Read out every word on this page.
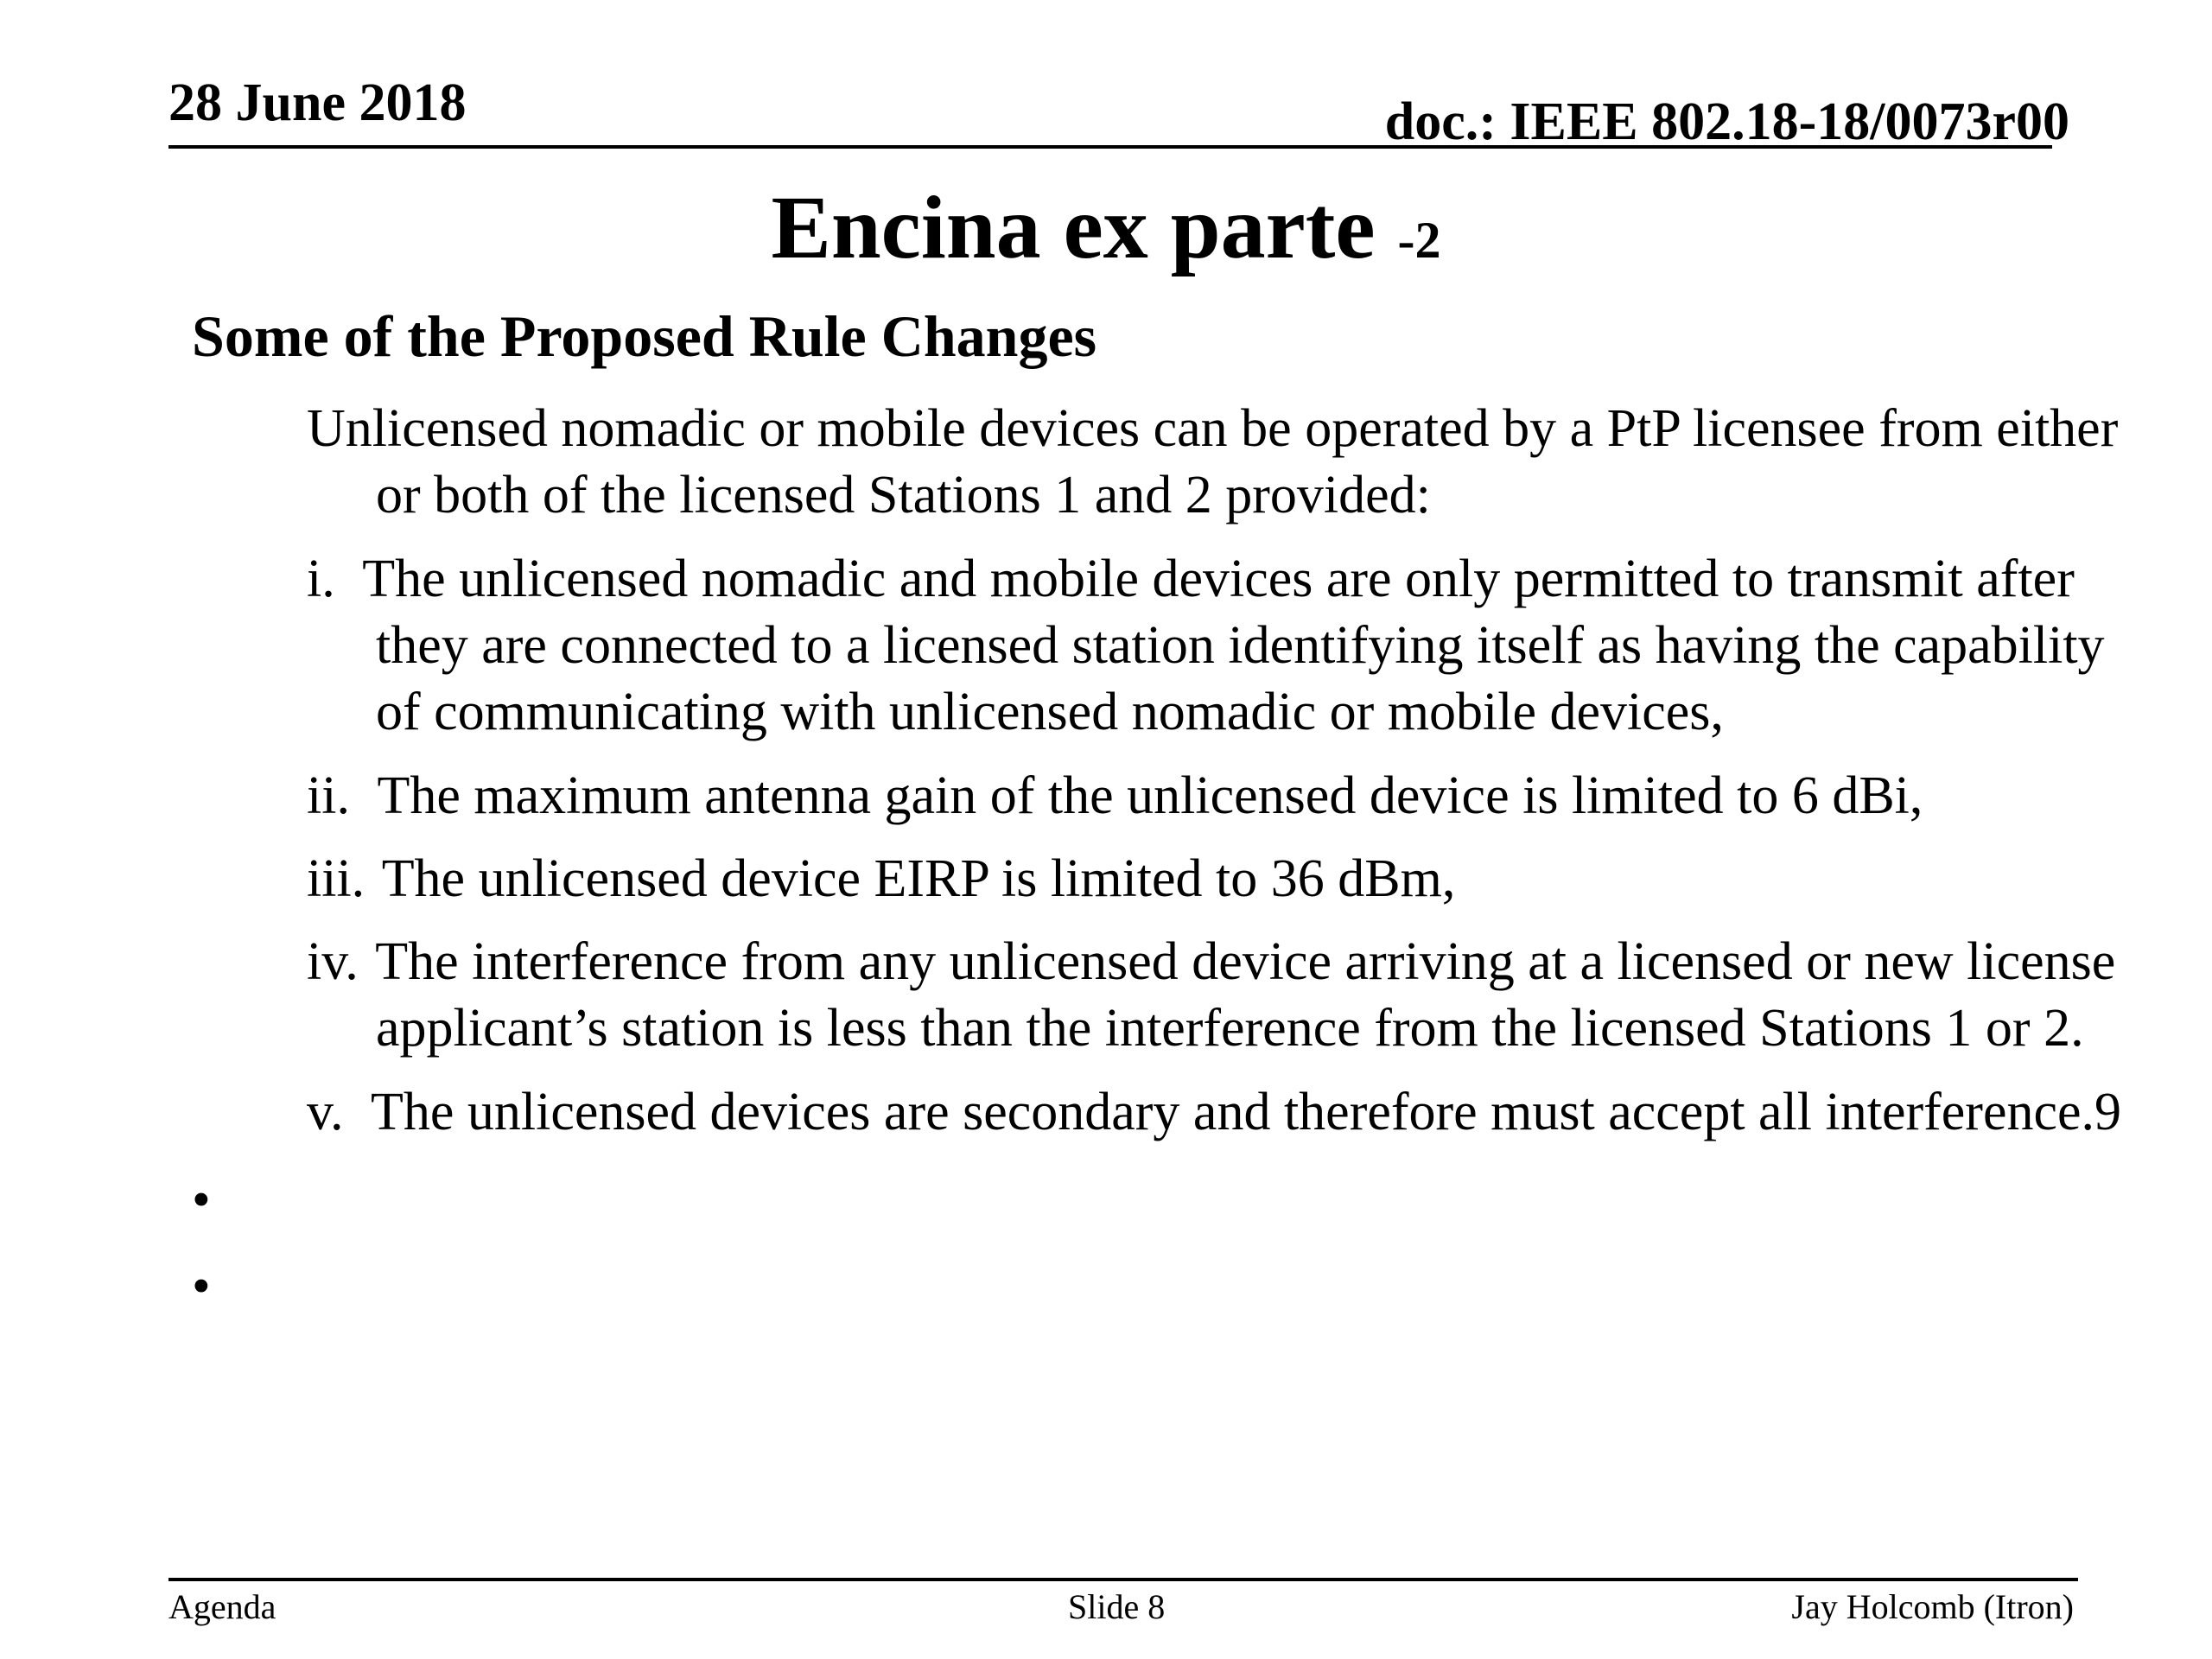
28 June 2018	doc.: IEEE 802.18-18/0073r00
Encina ex parte -2
Some of the Proposed Rule Changes
Unlicensed nomadic or mobile devices can be operated by a PtP licensee from either
or both of the licensed Stations 1 and 2 provided:
i. The unlicensed nomadic and mobile devices are only permitted to transmit after
they are connected to a licensed station identifying itself as having the capability
of communicating with unlicensed nomadic or mobile devices,
ii. The maximum antenna gain of the unlicensed device is limited to 6 dBi,
iii. The unlicensed device EIRP is limited to 36 dBm,
iv. The interference from any unlicensed device arriving at a licensed or new license
applicant’s station is less than the interference from the licensed Stations 1 or 2.
v. The unlicensed devices are secondary and therefore must accept all interference.9
•
•
Agenda	Slide 8	Jay Holcomb (Itron)
